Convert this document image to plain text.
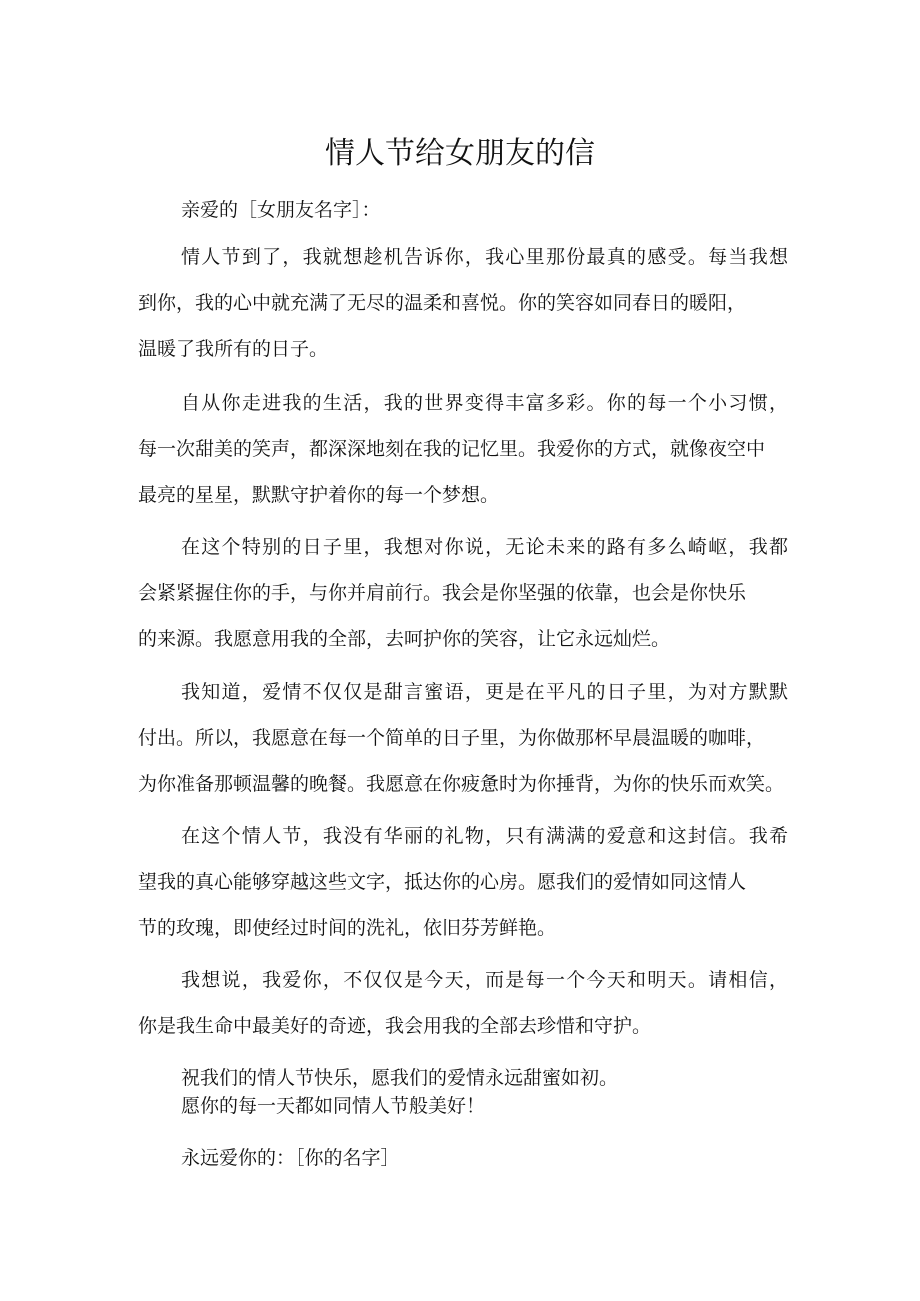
情人节给女朋友的信

亲爱的［女朋友名字］：

情人节到了，我就想趁机告诉你，我心里那份最真的感受。每当我想
到你，我的心中就充满了无尽的温柔和喜悦。你的笑容如同春日的暖阳，
温暖了我所有的日子。
自从你走进我的生活，我的世界变得丰富多彩。你的每一个小习惯，
每一次甜美的笑声，都深深地刻在我的记忆里。我爱你的方式，就像夜空中
最亮的星星，默默守护着你的每一个梦想。
在这个特别的日子里，我想对你说，无论未来的路有多么崎岖，我都
会紧紧握住你的手，与你并肩前行。我会是你坚强的依靠，也会是你快乐
的来源。我愿意用我的全部，去呵护你的笑容，让它永远灿烂。
我知道，爱情不仅仅是甜言蜜语，更是在平凡的日子里，为对方默默
付出。所以，我愿意在每一个简单的日子里，为你做那杯早晨温暖的咖啡，
为你准备那顿温馨的晚餐。我愿意在你疲惫时为你捶背，为你的快乐而欢笑。
在这个情人节，我没有华丽的礼物，只有满满的爱意和这封信。我希
望我的真心能够穿越这些文字，抵达你的心房。愿我们的爱情如同这情人
节的玫瑰，即使经过时间的洗礼，依旧芬芳鲜艳。
我想说，我爱你，不仅仅是今天，而是每一个今天和明天。请相信，
你是我生命中最美好的奇迹，我会用我的全部去珍惜和守护。
祝我们的情人节快乐，愿我们的爱情永远甜蜜如初。
愿你的每一天都如同情人节般美好！

永远爱你的：［你的名字］
